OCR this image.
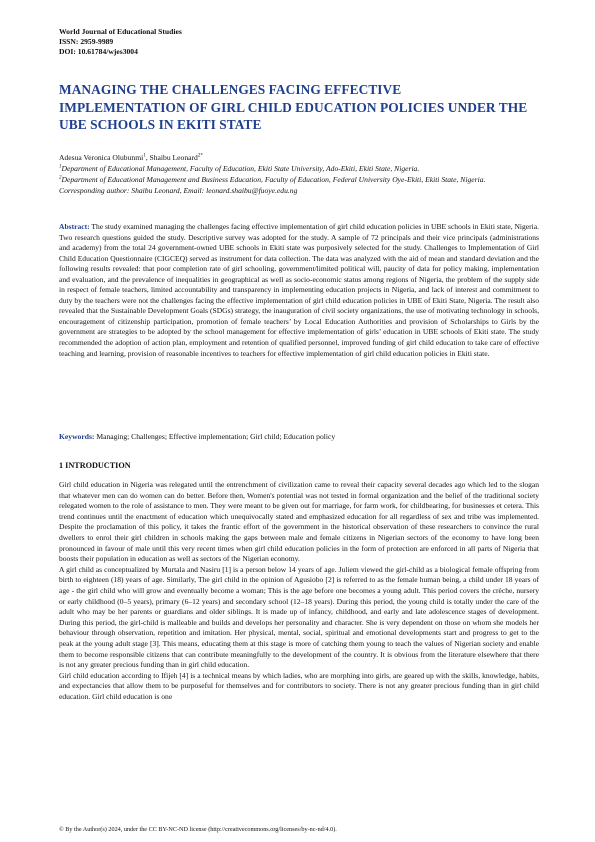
World Journal of Educational Studies
ISSN: 2959-9989
DOI: 10.61784/wjes3004
MANAGING THE CHALLENGES FACING EFFECTIVE IMPLEMENTATION OF GIRL CHILD EDUCATION POLICIES UNDER THE UBE SCHOOLS IN EKITI STATE
Adesua Veronica Olubunmi$^1$, Shaibu Leonard$^{2*}$
$^1$Department of Educational Management, Faculty of Education, Ekiti State University, Ado-Ekiti, Ekiti State, Nigeria.
$^2$Department of Educational Management and Business Education, Faculty of Education, Federal University Oye-Ekiti, Ekiti State, Nigeria.
Corresponding author: Shaibu Leonard, Email: leonard.shaibu@fuoye.edu.ng

Abstract: The study examined managing the challenges facing effective implementation of girl child education policies in UBE schools in Ekiti state, Nigeria. Two research questions guided the study. Descriptive survey was adopted for the study. A sample of 72 principals and their vice principals (administrations and academy) from the total 24 government-owned UBE schools in Ekiti state was purposively selected for the study. Challenges to Implementation of Girl Child Education Questionnaire (CIGCEQ) served as instrument for data collection. The data was analyzed with the aid of mean and standard deviation and the following results revealed: that poor completion rate of girl schooling, government/limited political will, paucity of data for policy making, implementation and evaluation, and the prevalence of inequalities in geographical as well as socio-economic status among regions of Nigeria, the problem of the supply side in respect of female teachers, limited accountability and transparency in implementing education projects in Nigeria, and lack of interest and commitment to duty by the teachers were not the challenges facing the effective implementation of girl child education policies in UBE of Ekiti State, Nigeria. The result also revealed that the Sustainable Development Goals (SDGs) strategy, the inauguration of civil society organizations, the use of motivating technology in schools, encouragement of citizenship participation, promotion of female teachers’ by Local Education Authorities and provision of Scholarships to Girls by the government are strategies to be adopted by the school management for effective implementation of girls’ education in UBE schools of Ekiti state. The study recommended the adoption of action plan, employment and retention of qualified personnel, improved funding of girl child education to take care of effective teaching and learning, provision of reasonable incentives to teachers for effective implementation of girl child education policies in Ekiti state.

Keywords: Managing; Challenges; Effective implementation; Girl child; Education policy

1 INTRODUCTION

Girl child education in Nigeria was relegated until the entrenchment of civilization came to reveal their capacity several decades ago which led to the slogan that whatever men can do women can do better. Before then, Women's potential was not tested in formal organization and the belief of the traditional society relegated women to the role of assistance to men. They were meant to be given out for marriage, for farm work, for childbearing, for businesses et cetera. This trend continues until the enactment of education which unequivocally stated and emphasized education for all regardless of sex and tribe was implemented. Despite the proclamation of this policy, it takes the frantic effort of the government in the historical observation of these researchers to convince the rural dwellers to enrol their girl children in schools making the gaps between male and female citizens in Nigerian sectors of the economy to have long been pronounced in favour of male until this very recent times when girl child education policies in the form of protection are enforced in all parts of Nigeria that boosts their population in education as well as sectors of the Nigerian economy.

A girl child as conceptualized by Murtala and Nasiru [1] is a person below 14 years of age. Juliem viewed the girl-child as a biological female offspring from birth to eighteen (18) years of age. Similarly, The girl child in the opinion of Agusiobo [2] is referred to as the female human being, a child under 18 years of age - the girl child who will grow and eventually become a woman; This is the age before one becomes a young adult. This period covers the crèche, nursery or early childhood (0–5 years), primary (6–12 years) and secondary school (12–18 years). During this period, the young child is totally under the care of the adult who may be her parents or guardians and older siblings. It is made up of infancy, childhood, and early and late adolescence stages of development. During this period, the girl-child is malleable and builds and develops her personality and character. She is very dependent on those on whom she models her behaviour through observation, repetition and imitation. Her physical, mental, social, spiritual and emotional developments start and progress to get to the peak at the young adult stage [3]. This means, educating them at this stage is more of catching them young to teach the values of Nigerian society and enable them to become responsible citizens that can contribute meaningfully to the development of the country. It is obvious from the literature elsewhere that there is not any greater precious funding than in girl child education.

Girl child education according to Ifijeh [4] is a technical means by which ladies, who are morphing into girls, are geared up with the skills, knowledge, habits, and expectancies that allow them to be purposeful for themselves and for contributors to society. There is not any greater precious funding than in girl child education. Girl child education is one

© By the Author(s) 2024, under the CC BY-NC-ND license (http://creativecommons.org/licenses/by-nc-nd/4.0).
